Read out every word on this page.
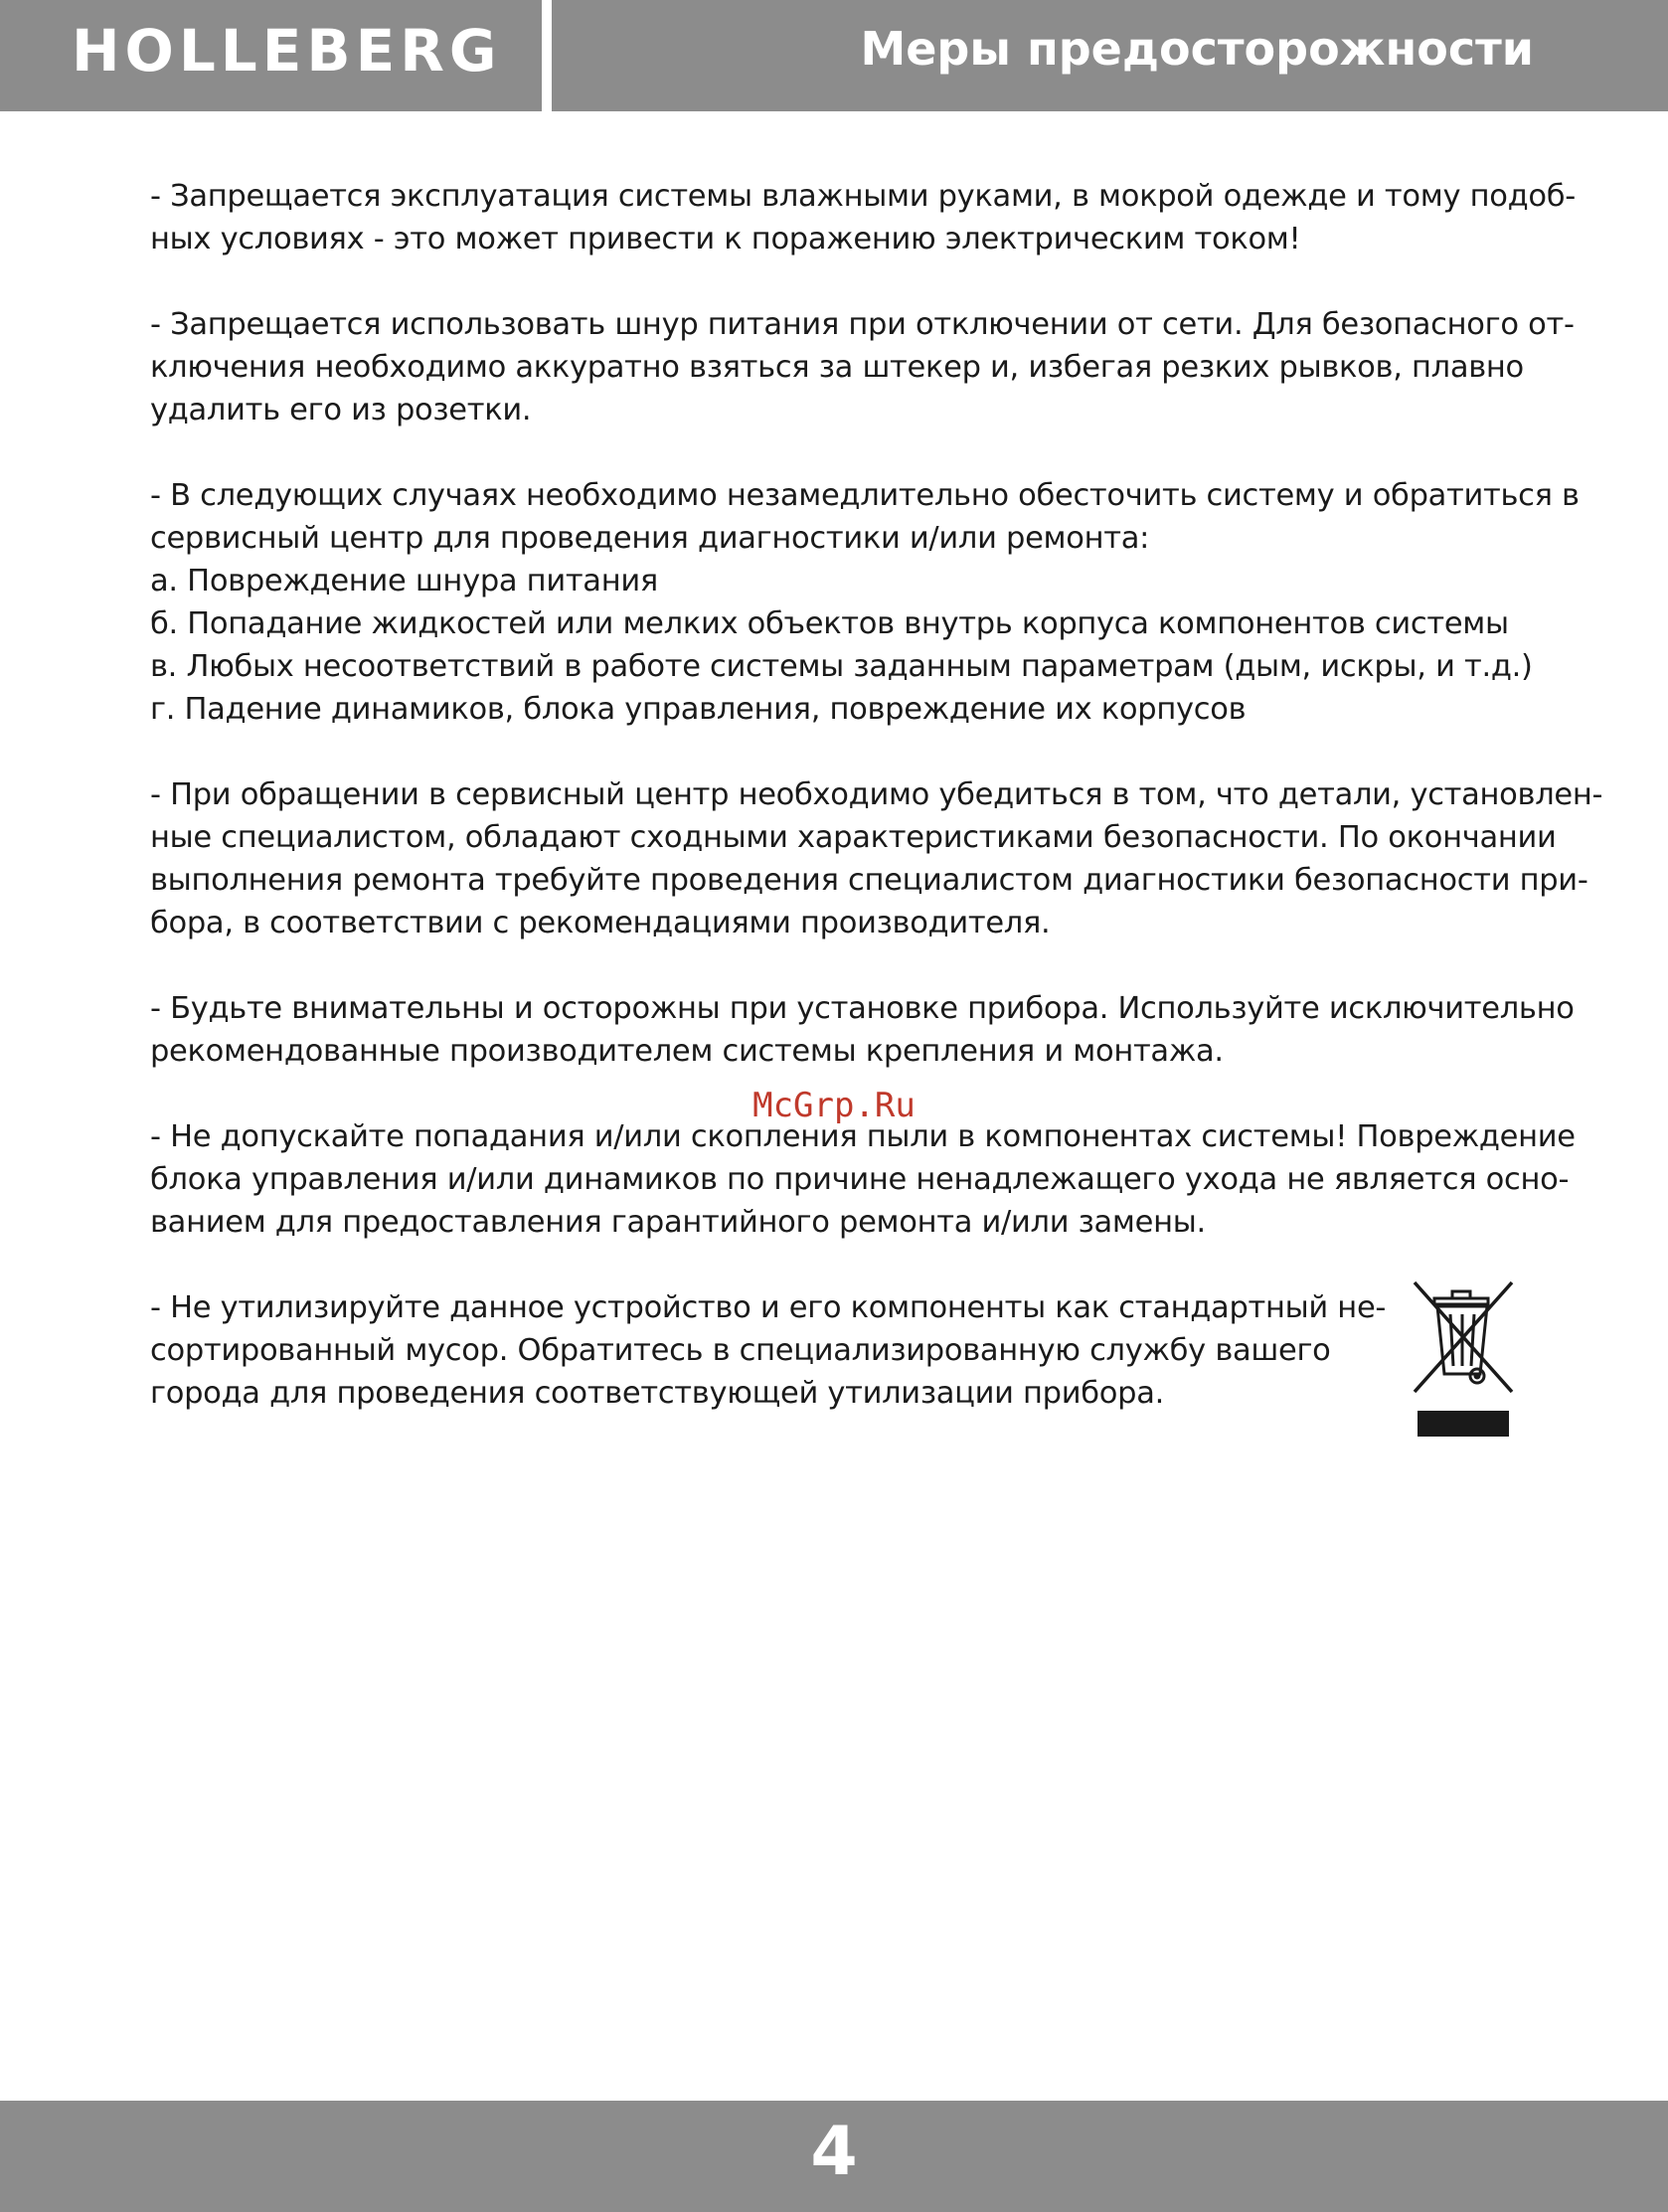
HOLLEBERG	Меры предосторожности
- Запрещается эксплуатация системы влажными руками, в мокрой одежде и тому подоб-
ных условиях - это может привести к поражению электрическим током!
- Запрещается использовать шнур питания при отключении от сети. Для безопасного от-
ключения необходимо аккуратно взяться за штекер и, избегая резких рывков, плавно
удалить его из розетки.
- В следующих случаях необходимо незамедлительно обесточить систему и обратиться в
сервисный центр для проведения диагностики и/или ремонта:
а. Повреждение шнура питания
б. Попадание жидкостей или мелких объектов внутрь корпуса компонентов системы
в. Любых несоответствий в работе системы заданным параметрам (дым, искры, и т.д.)
г. Падение динамиков, блока управления, повреждение их корпусов
- При обращении в сервисный центр необходимо убедиться в том, что детали, установлен-
ные специалистом, обладают сходными характеристиками безопасности. По окончании
выполнения ремонта требуйте проведения специалистом диагностики безопасности при-
бора, в соответствии с рекомендациями производителя.
- Будьте внимательны и осторожны при установке прибора. Используйте исключительно
рекомендованные производителем системы крепления и монтажа.
- Не допускайте попадания и/или скопления пыли в компонентах системы! Повреждение
блока управления и/или динамиков по причине ненадлежащего ухода не является осно-
ванием для предоставления гарантийного ремонта и/или замены.
- Не утилизируйте данное устройство и его компоненты как стандартный не-
сортированный мусор. Обратитесь в специализированную службу вашего
города для проведения соответствующей утилизации прибора.
McGrp.Ru
4
